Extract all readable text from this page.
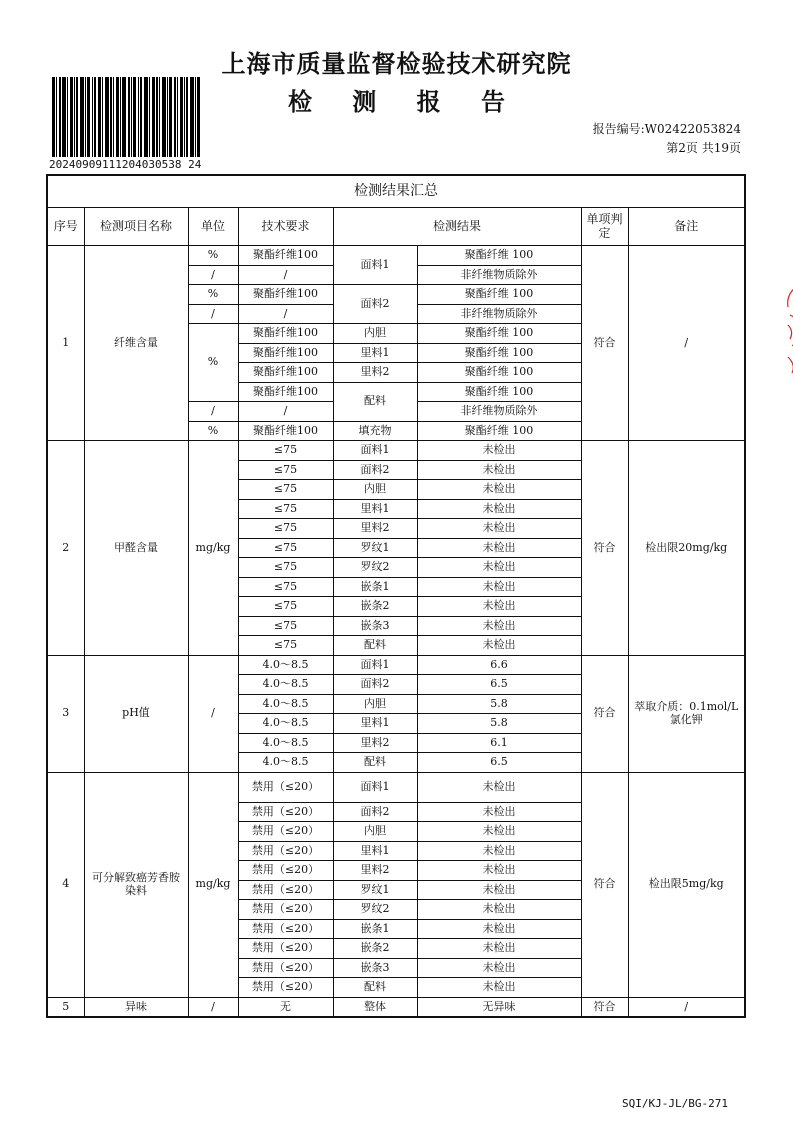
上海市质量监督检验技术研究院
检 测 报 告
20240909111204030538 24
报告编号:W02422053824
第2页 共19页
检测结果汇总							
序号	检测项目名称	单位	技术要求	检测结果		单项判定	备注
1	纤维含量	%	聚酯纤维100	面料1	聚酯纤维 100	符合	/
		/	/		非纤维物质除外		
		%	聚酯纤维100	面料2	聚酯纤维 100		
		/	/		非纤维物质除外		
		%	聚酯纤维100	内胆	聚酯纤维 100		
			聚酯纤维100	里料1	聚酯纤维 100		
			聚酯纤维100	里料2	聚酯纤维 100		
			聚酯纤维100	配料	聚酯纤维 100		
		/	/		非纤维物质除外		
		%	聚酯纤维100	填充物	聚酯纤维 100		
2	甲醛含量	mg/kg	≤75	面料1	未检出	符合	检出限20mg/kg
			≤75	面料2	未检出		
			≤75	内胆	未检出		
			≤75	里料1	未检出		
			≤75	里料2	未检出		
			≤75	罗纹1	未检出		
			≤75	罗纹2	未检出		
			≤75	嵌条1	未检出		
			≤75	嵌条2	未检出		
			≤75	嵌条3	未检出		
			≤75	配料	未检出		
3	pH值	/	4.0～8.5	面料1	6.6	符合	萃取介质：0.1mol/L氯化钾
			4.0～8.5	面料2	6.5		
			4.0～8.5	内胆	5.8		
			4.0～8.5	里料1	5.8		
			4.0～8.5	里料2	6.1		
			4.0～8.5	配料	6.5		
4	可分解致癌芳香胺染料	mg/kg	禁用（≤20）	面料1	未检出	符合	检出限5mg/kg
			禁用（≤20）	面料2	未检出		
			禁用（≤20）	内胆	未检出		
			禁用（≤20）	里料1	未检出		
			禁用（≤20）	里料2	未检出		
			禁用（≤20）	罗纹1	未检出		
			禁用（≤20）	罗纹2	未检出		
			禁用（≤20）	嵌条1	未检出		
			禁用（≤20）	嵌条2	未检出		
			禁用（≤20）	嵌条3	未检出		
			禁用（≤20）	配料	未检出		
5	异味	/	无	整体	无异味	符合	/
SQI/KJ-JL/BG-271
